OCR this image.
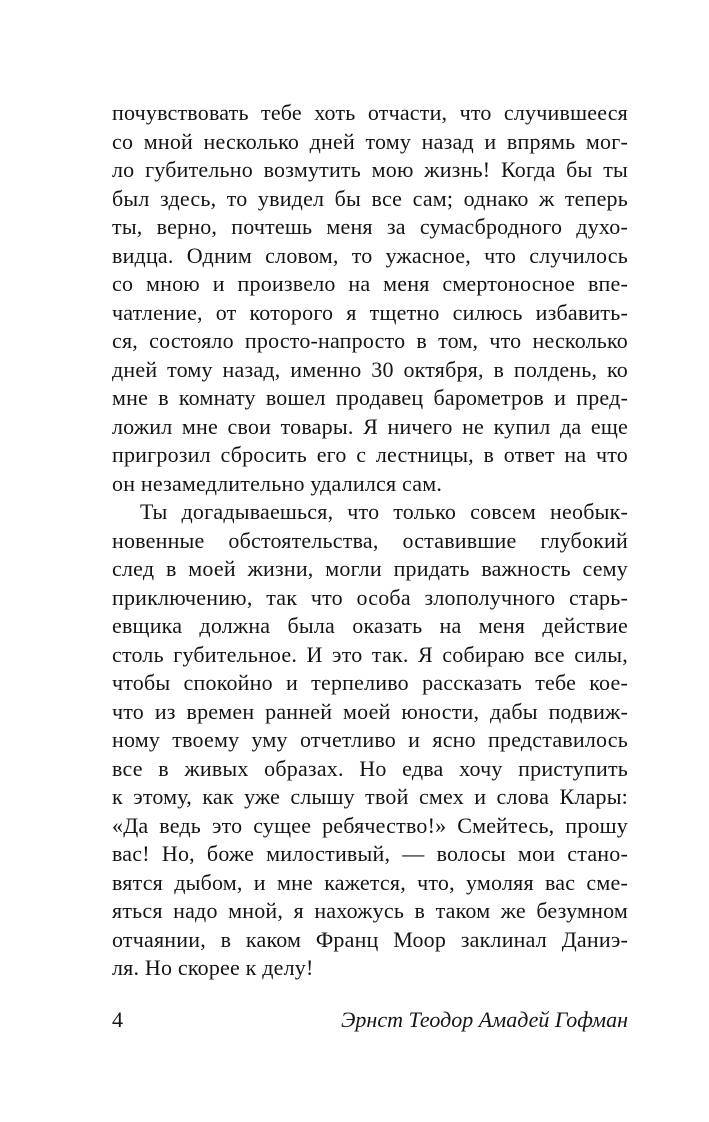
почувствовать тебе хоть отчасти, что случившееся
со мной несколько дней тому назад и впрямь мог-
ло губительно возмутить мою жизнь! Когда бы ты
был здесь, то увидел бы все сам; однако ж теперь
ты, верно, почтешь меня за сумасбродного духо-
видца. Одним словом, то ужасное, что случилось
со мною и произвело на меня смертоносное впе-
чатление, от которого я тщетно силюсь избавить-
ся, состояло просто-напросто в том, что несколько
дней тому назад, именно 30 октября, в полдень, ко
мне в комнату вошел продавец барометров и пред-
ложил мне свои товары. Я ничего не купил да еще
пригрозил сбросить его с лестницы, в ответ на что
он незамедлительно удалился сам.
Ты догадываешься, что только совсем необык-
новенные обстоятельства, оставившие глубокий
след в моей жизни, могли придать важность сему
приключению, так что особа злополучного старь-
евщика должна была оказать на меня действие
столь губительное. И это так. Я собираю все силы,
чтобы спокойно и терпеливо рассказать тебе кое-
что из времен ранней моей юности, дабы подвиж-
ному твоему уму отчетливо и ясно представилось
все в живых образах. Но едва хочу приступить
к этому, как уже слышу твой смех и слова Клары:
«Да ведь это сущее ребячество!» Смейтесь, прошу
вас! Но, боже милостивый, — волосы мои стано-
вятся дыбом, и мне кажется, что, умоляя вас сме-
яться надо мной, я нахожусь в таком же безумном
отчаянии, в каком Франц Моор заклинал Даниэ-
ля. Но скорее к делу!
4	Эрнст Теодор Амадей Гофман
